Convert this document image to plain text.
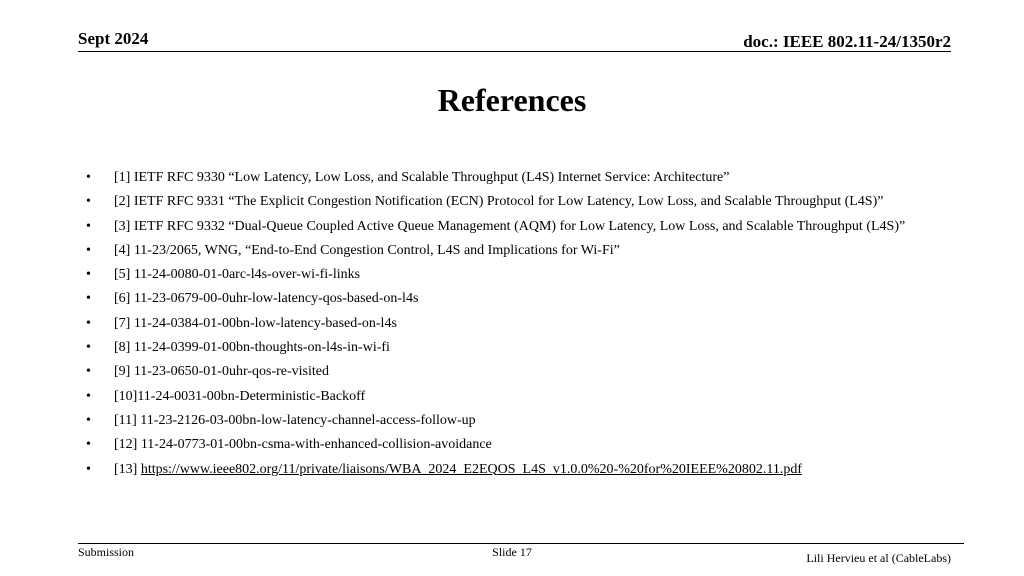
Sept 2024	doc.: IEEE 802.11-24/1350r2
References
• [1] IETF RFC 9330 “Low Latency, Low Loss, and Scalable Throughput (L4S) Internet Service: Architecture”
• [2] IETF RFC 9331 “The Explicit Congestion Notification (ECN) Protocol for Low Latency, Low Loss, and Scalable Throughput (L4S)”
• [3] IETF RFC 9332 “Dual-Queue Coupled Active Queue Management (AQM) for Low Latency, Low Loss, and Scalable Throughput (L4S)”
• [4] 11-23/2065, WNG, “End-to-End Congestion Control, L4S and Implications for Wi-Fi”
• [5] 11-24-0080-01-0arc-l4s-over-wi-fi-links
• [6] 11-23-0679-00-0uhr-low-latency-qos-based-on-l4s
• [7] 11-24-0384-01-00bn-low-latency-based-on-l4s
• [8] 11-24-0399-01-00bn-thoughts-on-l4s-in-wi-fi
• [9] 11-23-0650-01-0uhr-qos-re-visited
• [10]11-24-0031-00bn-Deterministic-Backoff
• [11] 11-23-2126-03-00bn-low-latency-channel-access-follow-up
• [12] 11-24-0773-01-00bn-csma-with-enhanced-collision-avoidance
• [13] https://www.ieee802.org/11/private/liaisons/WBA_2024_E2EQOS_L4S_v1.0.0%20-%20for%20IEEE%20802.11.pdf
Submission	Slide 17	Lili Hervieu et al (CableLabs)
